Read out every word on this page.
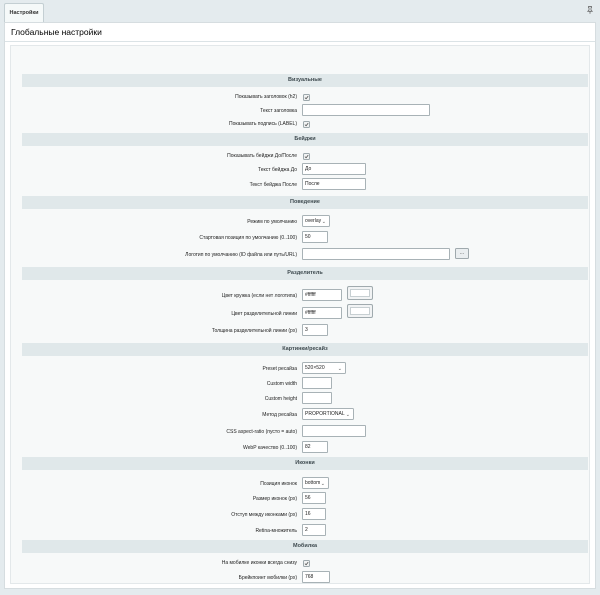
Настройки
Глобальные настройки
Визуальные
Показывать заголовок (h2)
Текст заголовка
Показывать подпись (LABEL)
Бейджи
Показывать бейджи До/После
Текст бейджа До	До
Текст бейджа После	После
Поведение
Режим по умолчанию	overlay ⌄
Стартовая позиция по умолчанию (0..100)	50
Логотип по умолчанию (ID файла или путь/URL)	...
Разделитель
Цвет кружка (если нет логотипа)	#ffffff
Цвет разделительной линии	#ffffff
Толщина разделительной линии (px)	3
Картинки/ресайз
Preset ресайза	520×520	⌄
Custom width
Custom height
Метод ресайза	PROPORTIONAL ⌄
CSS aspect-ratio (пусто = auto)
WebP качество (0..100)	82
Иконки
Позиция иконок	bottom ⌄
Размер иконок (px)	56
Отступ между иконками (px)	16
Retina-множитель	2
Мобилка
На мобилке иконки всегда снизу
Брейкпоинт мобилки (px)	768
